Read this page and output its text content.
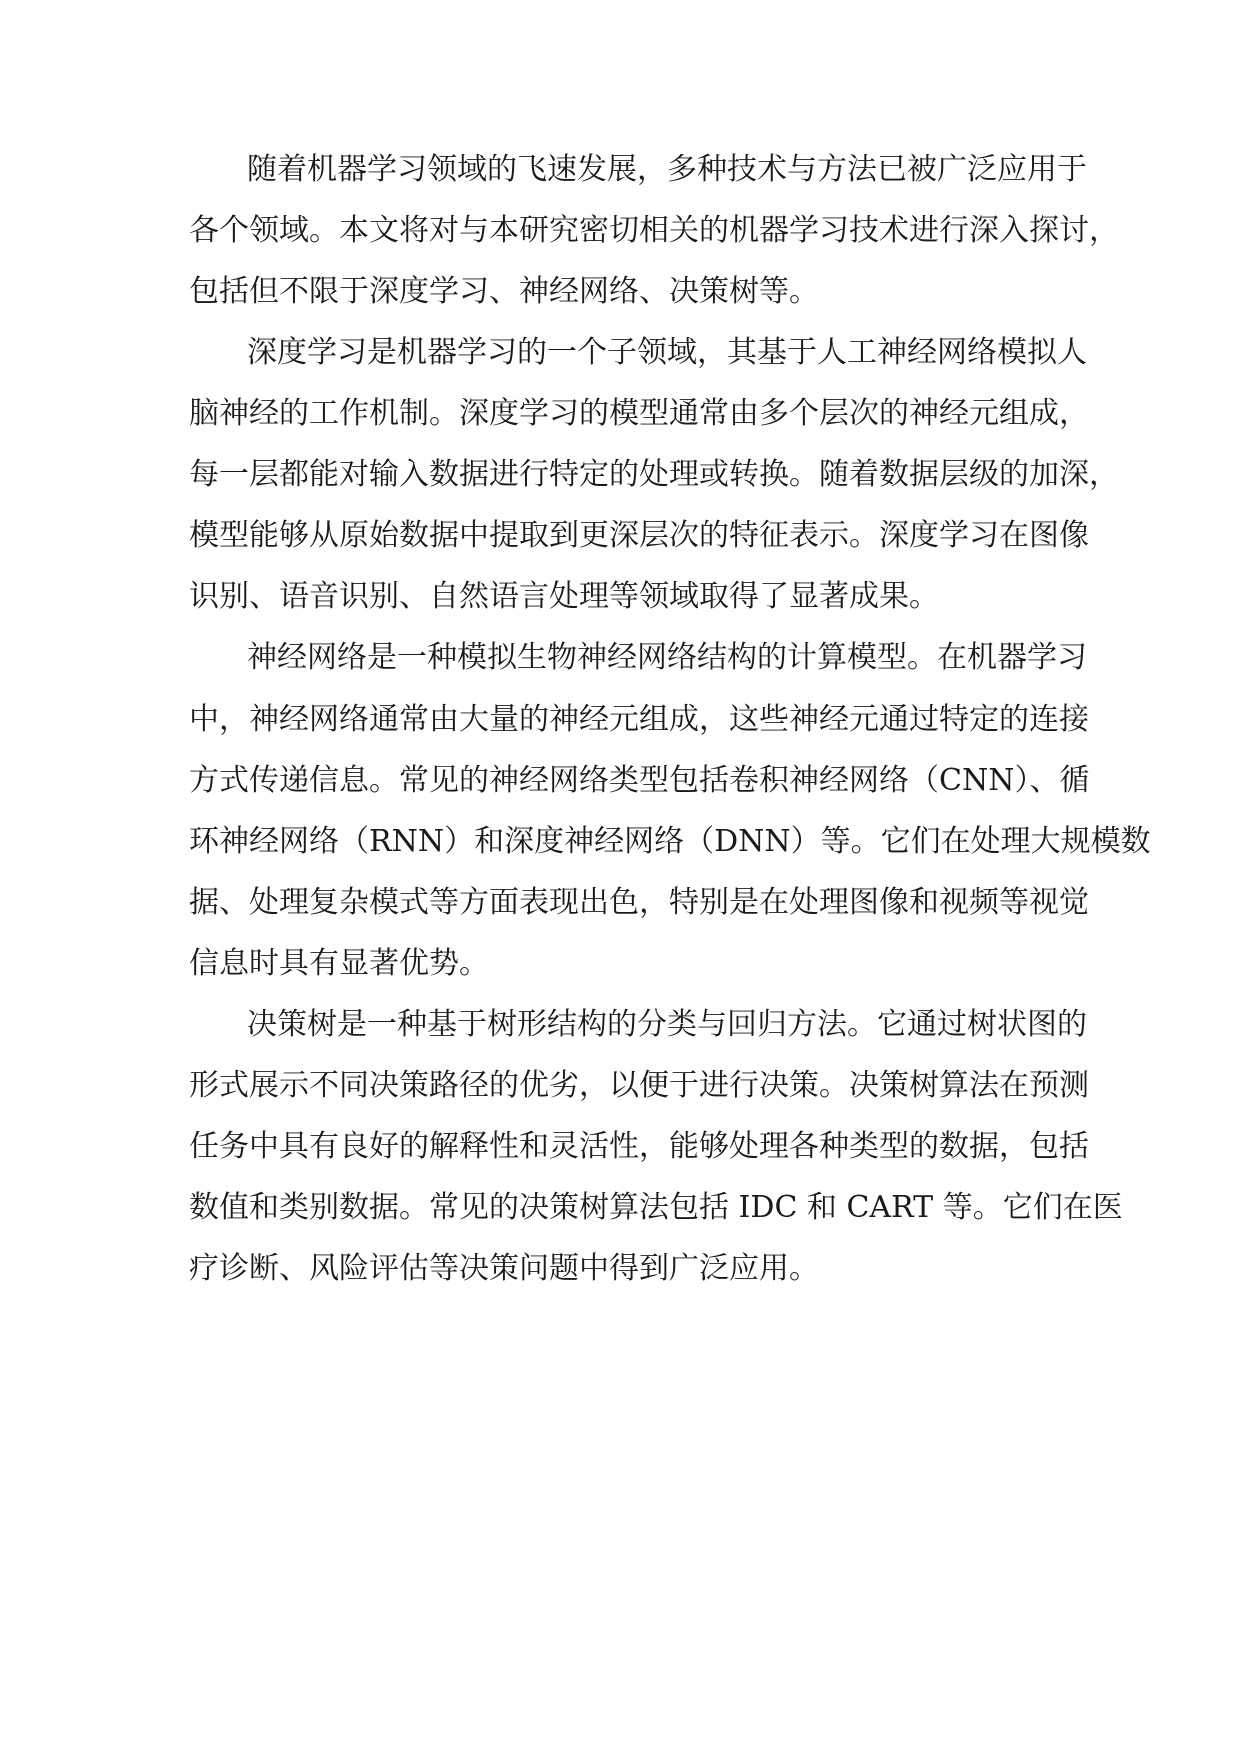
随着机器学习领域的飞速发展，多种技术与方法已被广泛应用于
各个领域。本文将对与本研究密切相关的机器学习技术进行深入探讨，
包括但不限于深度学习、神经网络、决策树等。
深度学习是机器学习的一个子领域，其基于人工神经网络模拟人
脑神经的工作机制。深度学习的模型通常由多个层次的神经元组成，
每一层都能对输入数据进行特定的处理或转换。随着数据层级的加深，
模型能够从原始数据中提取到更深层次的特征表示。深度学习在图像
识别、语音识别、自然语言处理等领域取得了显著成果。
神经网络是一种模拟生物神经网络结构的计算模型。在机器学习
中，神经网络通常由大量的神经元组成，这些神经元通过特定的连接
方式传递信息。常见的神经网络类型包括卷积神经网络（CNN）、循
环神经网络（RNN）和深度神经网络（DNN）等。它们在处理大规模数
据、处理复杂模式等方面表现出色，特别是在处理图像和视频等视觉
信息时具有显著优势。
决策树是一种基于树形结构的分类与回归方法。它通过树状图的
形式展示不同决策路径的优劣，以便于进行决策。决策树算法在预测
任务中具有良好的解释性和灵活性，能够处理各种类型的数据，包括
数值和类别数据。常见的决策树算法包括 IDC 和 CART 等。它们在医
疗诊断、风险评估等决策问题中得到广泛应用。
